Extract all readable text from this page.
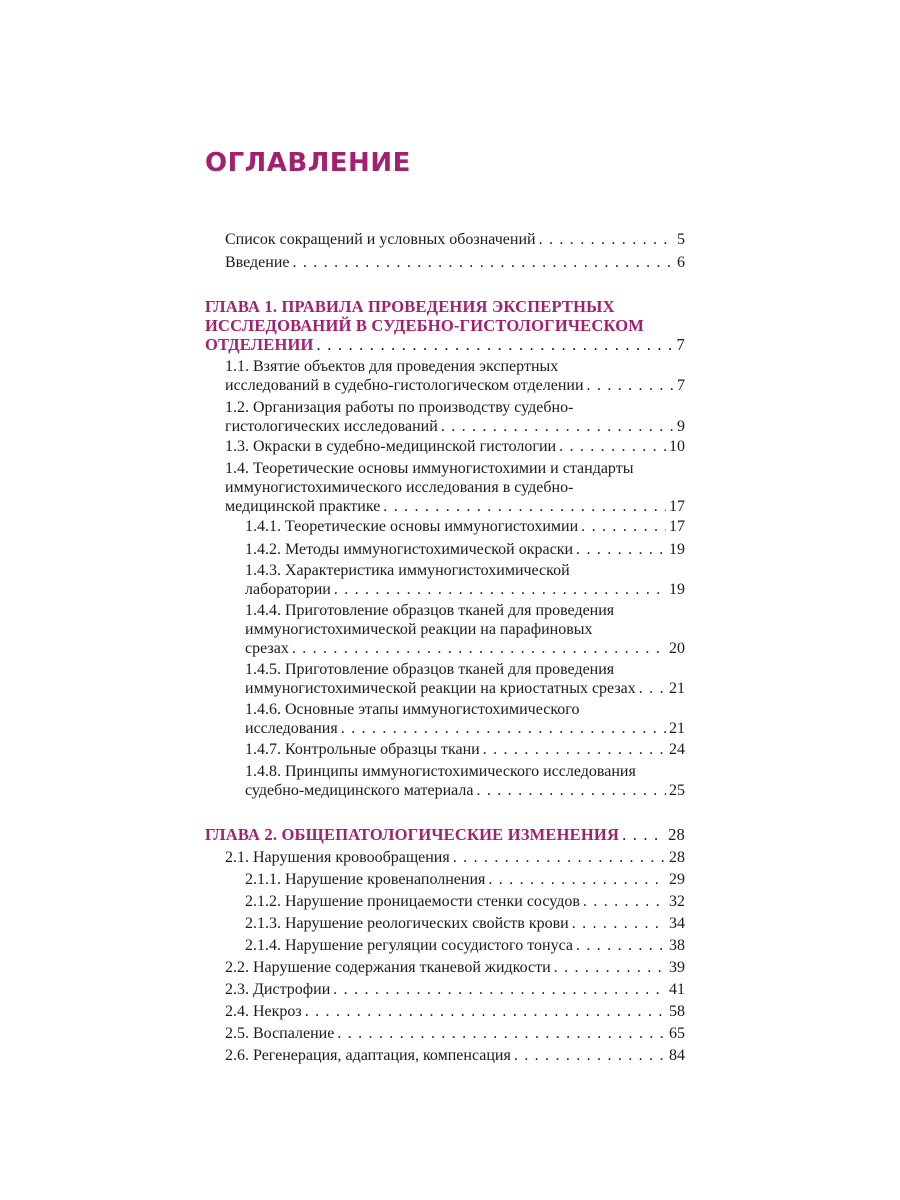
ОГЛАВЛЕНИЕ
Список сокращений и условных обозначений . . .	5
Введение . . .	6
ГЛАВА 1. ПРАВИЛА ПРОВЕДЕНИЯ ЭКСПЕРТНЫХ
ИССЛЕДОВАНИЙ В СУДЕБНО-ГИСТОЛОГИЧЕСКОМ
ОТДЕЛЕНИИ . . .	7
1.1. Взятие объектов для проведения экспертных
исследований в судебно-гистологическом отделении . . .	7
1.2. Организация работы по производству судебно-
гистологических исследований . . .	9
1.3. Окраски в судебно-медицинской гистологии . . .	10
1.4. Теоретические основы иммуногистохимии и стандарты
иммуногистохимического исследования в судебно-
медицинской практике . . .	17
1.4.1. Теоретические основы иммуногистохимии . . .	17
1.4.2. Методы иммуногистохимической окраски . . .	19
1.4.3. Характеристика иммуногистохимической
лаборатории . . .	19
1.4.4. Приготовление образцов тканей для проведения
иммуногистохимической реакции на парафиновых
срезах . . .	20
1.4.5. Приготовление образцов тканей для проведения
иммуногистохимической реакции на криостатных срезах . . . 21
1.4.6. Основные этапы иммуногистохимического
исследования . . .	21
1.4.7. Контрольные образцы ткани . . .	24
1.4.8. Принципы иммуногистохимического исследования
судебно-медицинского материала . . .	25
ГЛАВА 2. ОБЩЕПАТОЛОГИЧЕСКИЕ ИЗМЕНЕНИЯ . . .	28
2.1. Нарушения кровообращения . . .	28
2.1.1. Нарушение кровенаполнения . . .	29
2.1.2. Нарушение проницаемости стенки сосудов . . .	32
2.1.3. Нарушение реологических свойств крови . . .	34
2.1.4. Нарушение регуляции сосудистого тонуса . . .	38
2.2. Нарушение содержания тканевой жидкости . . .	39
2.3. Дистрофии . . .	41
2.4. Некроз . . .	58
2.5. Воспаление . . .	65
2.6. Регенерация, адаптация, компенсация . . .	84
